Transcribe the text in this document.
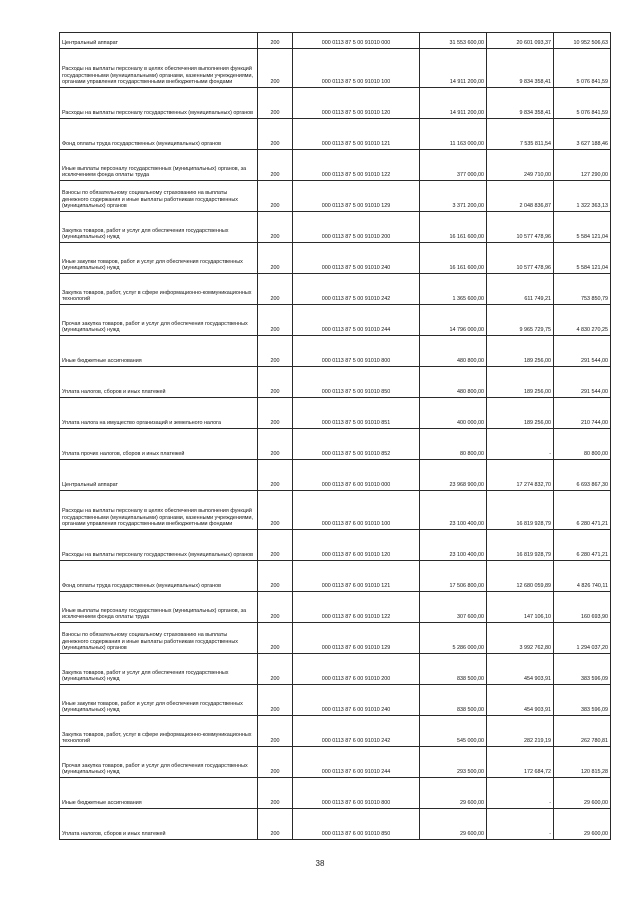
Центральный аппарат	200	000 0113 87 5 00 91010 000	31 553 600,00	20 601 093,37	10 952 506,63
Расходы на выплаты персоналу в целях обеспечения выполнения функций государственными (муниципальными) органами, казенными учреждениями, органами управления государственными внебюджетными фондами	200	000 0113 87 5 00 91010 100	14 911 200,00	9 834 358,41	5 076 841,59
Расходы на выплаты персоналу государственных (муниципальных) органов	200	000 0113 87 5 00 91010 120	14 911 200,00	9 834 358,41	5 076 841,59
Фонд оплаты труда государственных (муниципальных) органов	200	000 0113 87 5 00 91010 121	11 163 000,00	7 535 811,54	3 627 188,46
Иные выплаты персоналу государственных (муниципальных) органов, за исключением фонда оплаты труда	200	000 0113 87 5 00 91010 122	377 000,00	249 710,00	127 290,00
Взносы по обязательному социальному страхованию на выплаты денежного содержания и иные выплаты работникам государственных (муниципальных) органов	200	000 0113 87 5 00 91010 129	3 371 200,00	2 048 836,87	1 322 363,13
Закупка товаров, работ и услуг для обеспечения государственных (муниципальных) нужд	200	000 0113 87 5 00 91010 200	16 161 600,00	10 577 478,96	5 584 121,04
Иные закупки товаров, работ и услуг для обеспечения государственных (муниципальных) нужд	200	000 0113 87 5 00 91010 240	16 161 600,00	10 577 478,96	5 584 121,04
Закупка товаров, работ, услуг в сфере информационно-коммуникационных технологий	200	000 0113 87 5 00 91010 242	1 365 600,00	611 749,21	753 850,79
Прочая закупка товаров, работ и услуг для обеспечения государственных (муниципальных) нужд	200	000 0113 87 5 00 91010 244	14 796 000,00	9 965 729,75	4 830 270,25
Иные бюджетные ассигнования	200	000 0113 87 5 00 91010 800	480 800,00	189 256,00	291 544,00
Уплата налогов, сборов и иных платежей	200	000 0113 87 5 00 91010 850	480 800,00	189 256,00	291 544,00
Уплата налога на имущество организаций и земельного налога	200	000 0113 87 5 00 91010 851	400 000,00	189 256,00	210 744,00
Уплата прочих налогов, сборов и иных платежей	200	000 0113 87 5 00 91010 852	80 800,00	-	80 800,00
Центральный аппарат	200	000 0113 87 6 00 91010 000	23 968 900,00	17 274 832,70	6 693 867,30
Расходы на выплаты персоналу в целях обеспечения выполнения функций государственными (муниципальными) органами, казенными учреждениями, органами управления государственными внебюджетными фондами	200	000 0113 87 6 00 91010 100	23 100 400,00	16 819 928,79	6 280 471,21
Расходы на выплаты персоналу государственных (муниципальных) органов	200	000 0113 87 6 00 91010 120	23 100 400,00	16 819 928,79	6 280 471,21
Фонд оплаты труда государственных (муниципальных) органов	200	000 0113 87 6 00 91010 121	17 506 800,00	12 680 059,89	4 826 740,11
Иные выплаты персоналу государственных (муниципальных) органов, за исключением фонда оплаты труда	200	000 0113 87 6 00 91010 122	307 600,00	147 106,10	160 693,90
Взносы по обязательному социальному страхованию на выплаты денежного содержания и иные выплаты работникам государственных (муниципальных) органов	200	000 0113 87 6 00 91010 129	5 286 000,00	3 992 762,80	1 294 037,20
Закупка товаров, работ и услуг для обеспечения государственных (муниципальных) нужд	200	000 0113 87 6 00 91010 200	838 500,00	454 903,91	383 596,09
Иные закупки товаров, работ и услуг для обеспечения государственных (муниципальных) нужд	200	000 0113 87 6 00 91010 240	838 500,00	454 903,91	383 596,09
Закупка товаров, работ, услуг в сфере информационно-коммуникационных технологий	200	000 0113 87 6 00 91010 242	545 000,00	282 219,19	262 780,81
Прочая закупка товаров, работ и услуг для обеспечения государственных (муниципальных) нужд	200	000 0113 87 6 00 91010 244	293 500,00	172 684,72	120 815,28
Иные бюджетные ассигнования	200	000 0113 87 6 00 91010 800	29 600,00	-	29 600,00
Уплата налогов, сборов и иных платежей	200	000 0113 87 6 00 91010 850	29 600,00	-	29 600,00
38
